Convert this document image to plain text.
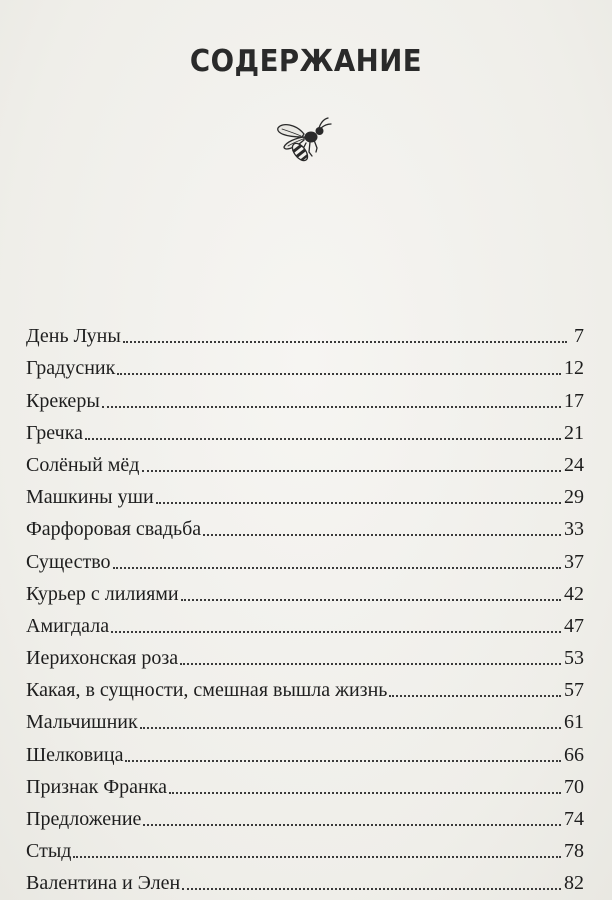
СОДЕРЖАНИЕ
День Луны	7
Градусник	12
Крекеры	17
Гречка	21
Солёный мёд	24
Машкины уши	29
Фарфоровая свадьба	33
Существо	37
Курьер с лилиями	42
Амигдала	47
Иерихонская роза	53
Какая, в сущности, смешная вышла жизнь	57
Мальчишник	61
Шелковица	66
Признак Франка	70
Предложение	74
Стыд	78
Валентина и Элен	82
